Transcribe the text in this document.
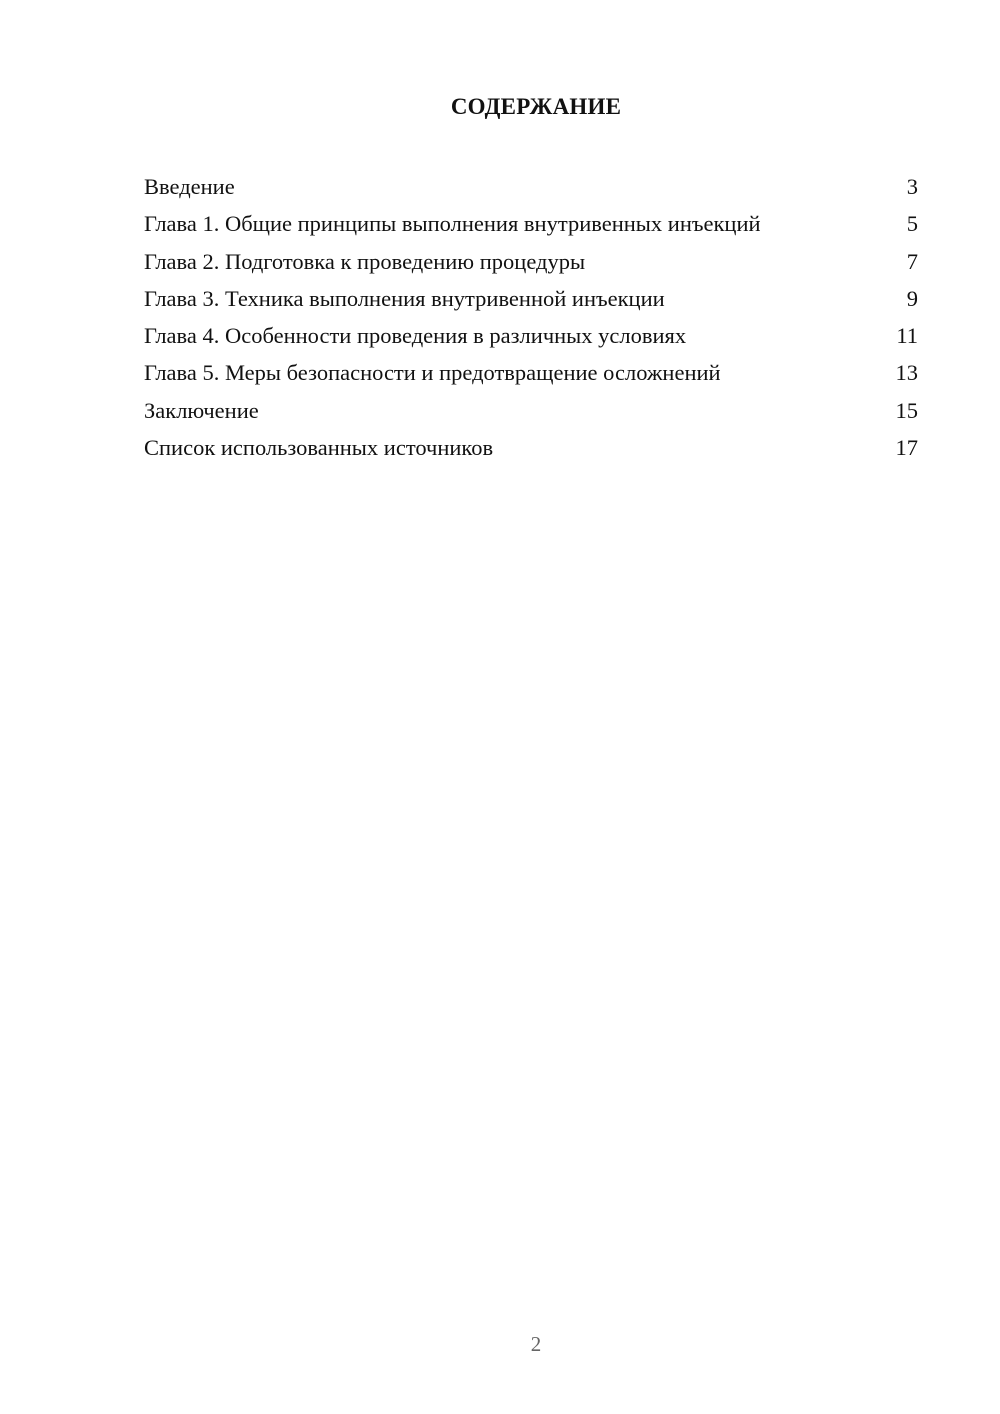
СОДЕРЖАНИЕ
Введение	3
Глава 1. Общие принципы выполнения внутривенных инъекций	5
Глава 2. Подготовка к проведению процедуры	7
Глава 3. Техника выполнения внутривенной инъекции	9
Глава 4. Особенности проведения в различных условиях	11
Глава 5. Меры безопасности и предотвращение осложнений	13
Заключение	15
Список использованных источников	17
2
